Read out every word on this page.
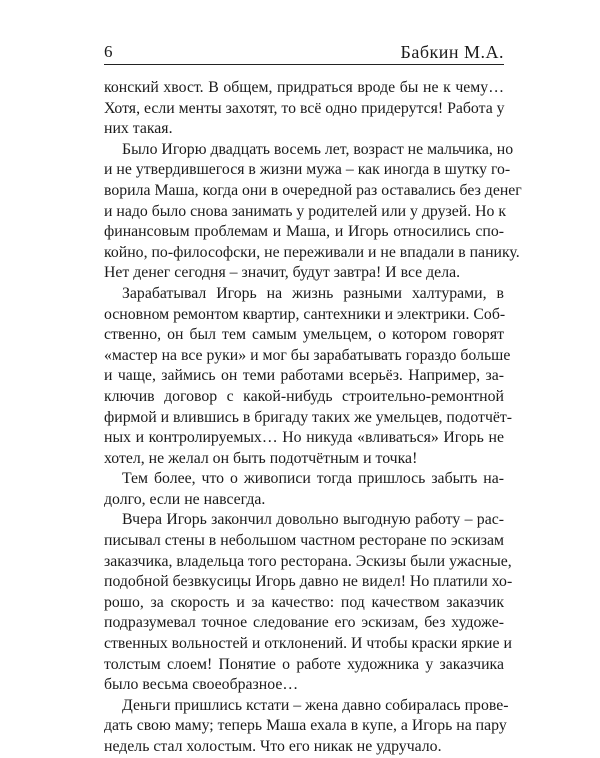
6	Бабкин М.А.
конский хвост. В общем, придраться вроде бы не к чему…
Хотя, если менты захотят, то всё одно придерутся! Работа у
них такая.
Было Игорю двадцать восемь лет, возраст не мальчика, но
и не утвердившегося в жизни мужа – как иногда в шутку го-
ворила Маша, когда они в очередной раз оставались без денег
и надо было снова занимать у родителей или у друзей. Но к
финансовым проблемам и Маша, и Игорь относились спо-
койно, по-философски, не переживали и не впадали в панику.
Нет денег сегодня – значит, будут завтра! И все дела.
Зарабатывал Игорь на жизнь разными халтурами, в
основном ремонтом квартир, сантехники и электрики. Соб-
ственно, он был тем самым умельцем, о котором говорят
«мастер на все руки» и мог бы зарабатывать гораздо больше
и чаще, займись он теми работами всерьёз. Например, за-
ключив договор с какой-нибудь строительно-ремонтной
фирмой и влившись в бригаду таких же умельцев, подотчёт-
ных и контролируемых… Но никуда «вливаться» Игорь не
хотел, не желал он быть подотчётным и точка!
Тем более, что о живописи тогда пришлось забыть на-
долго, если не навсегда.
Вчера Игорь закончил довольно выгодную работу – рас-
писывал стены в небольшом частном ресторане по эскизам
заказчика, владельца того ресторана. Эскизы были ужасные,
подобной безвкусицы Игорь давно не видел! Но платили хо-
рошо, за скорость и за качество: под качеством заказчик
подразумевал точное следование его эскизам, без художе-
ственных вольностей и отклонений. И чтобы краски яркие и
толстым слоем! Понятие о работе художника у заказчика
было весьма своеобразное…
Деньги пришлись кстати – жена давно собиралась прове-
дать свою маму; теперь Маша ехала в купе, а Игорь на пару
недель стал холостым. Что его никак не удручало.
